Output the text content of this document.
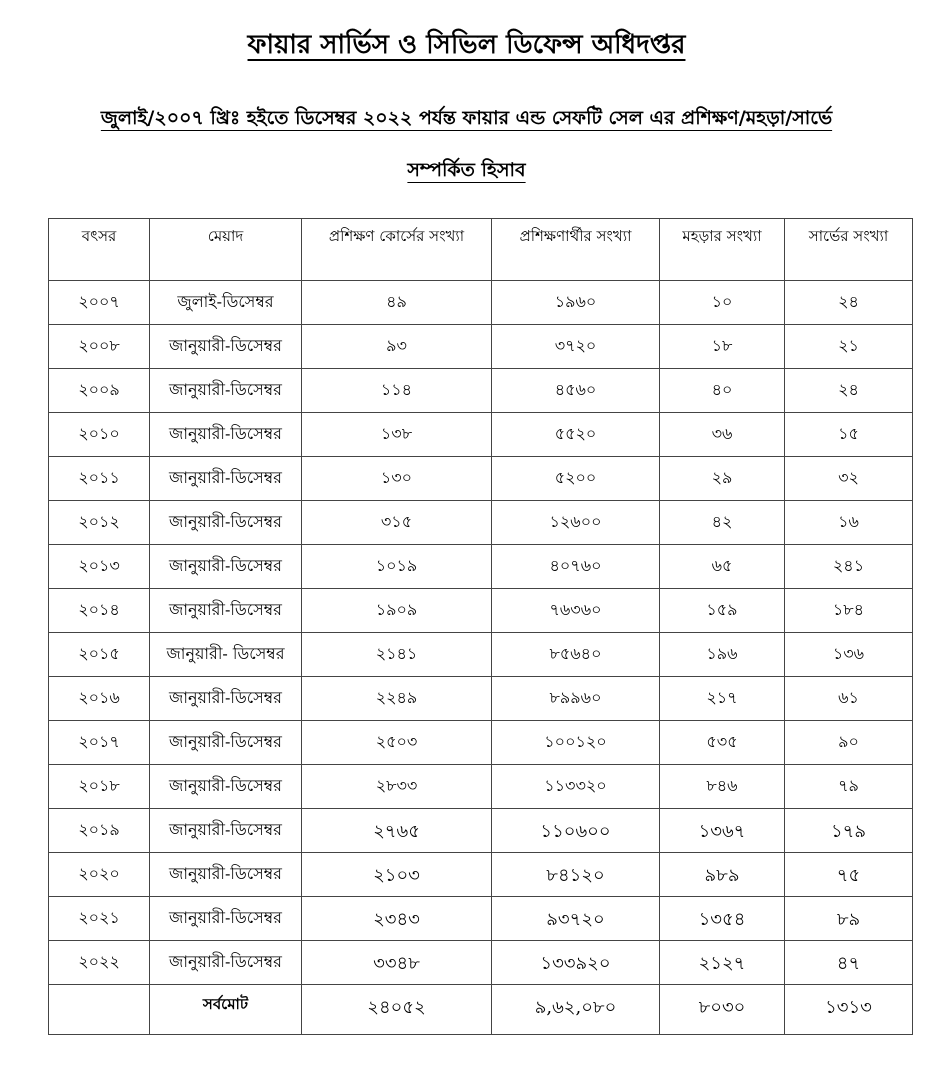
ফায়ার সার্ভিস ও সিভিল ডিফেন্স অধিদপ্তর
জুলাই/২০০৭ খ্রিঃ হইতে ডিসেম্বর ২০২২ পর্যন্ত ফায়ার এন্ড সেফটি সেল এর প্রশিক্ষণ/মহড়া/সার্ভে
সম্পর্কিত হিসাব
বৎসর	মেয়াদ	প্রশিক্ষণ কোর্সের সংখ্যা	প্রশিক্ষণার্থীর সংখ্যা	মহড়ার সংখ্যা	সার্ভের সংখ্যা
২০০৭	জুলাই-ডিসেম্বর	৪৯	১৯৬০	১০	২৪
২০০৮	জানুয়ারী-ডিসেম্বর	৯৩	৩৭২০	১৮	২১
২০০৯	জানুয়ারী-ডিসেম্বর	১১৪	৪৫৬০	৪০	২৪
২০১০	জানুয়ারী-ডিসেম্বর	১৩৮	৫৫২০	৩৬	১৫
২০১১	জানুয়ারী-ডিসেম্বর	১৩০	৫২০০	২৯	৩২
২০১২	জানুয়ারী-ডিসেম্বর	৩১৫	১২৬০০	৪২	১৬
২০১৩	জানুয়ারী-ডিসেম্বর	১০১৯	৪০৭৬০	৬৫	২৪১
২০১৪	জানুয়ারী-ডিসেম্বর	১৯০৯	৭৬৩৬০	১৫৯	১৮৪
২০১৫	জানুয়ারী- ডিসেম্বর	২১৪১	৮৫৬৪০	১৯৬	১৩৬
২০১৬	জানুয়ারী-ডিসেম্বর	২২৪৯	৮৯৯৬০	২১৭	৬১
২০১৭	জানুয়ারী-ডিসেম্বর	২৫০৩	১০০১২০	৫৩৫	৯০
২০১৮	জানুয়ারী-ডিসেম্বর	২৮৩৩	১১৩৩২০	৮৪৬	৭৯
২০১৯	জানুয়ারী-ডিসেম্বর	২৭৬৫	১১০৬০০	১৩৬৭	১৭৯
২০২০	জানুয়ারী-ডিসেম্বর	২১০৩	৮৪১২০	৯৮৯	৭৫
২০২১	জানুয়ারী-ডিসেম্বর	২৩৪৩	৯৩৭২০	১৩৫৪	৮৯
২০২২	জানুয়ারী-ডিসেম্বর	৩৩৪৮	১৩৩৯২০	২১২৭	৪৭
	সর্বমোট	২৪০৫২	৯,৬২,০৮০	৮০৩০	১৩১৩
